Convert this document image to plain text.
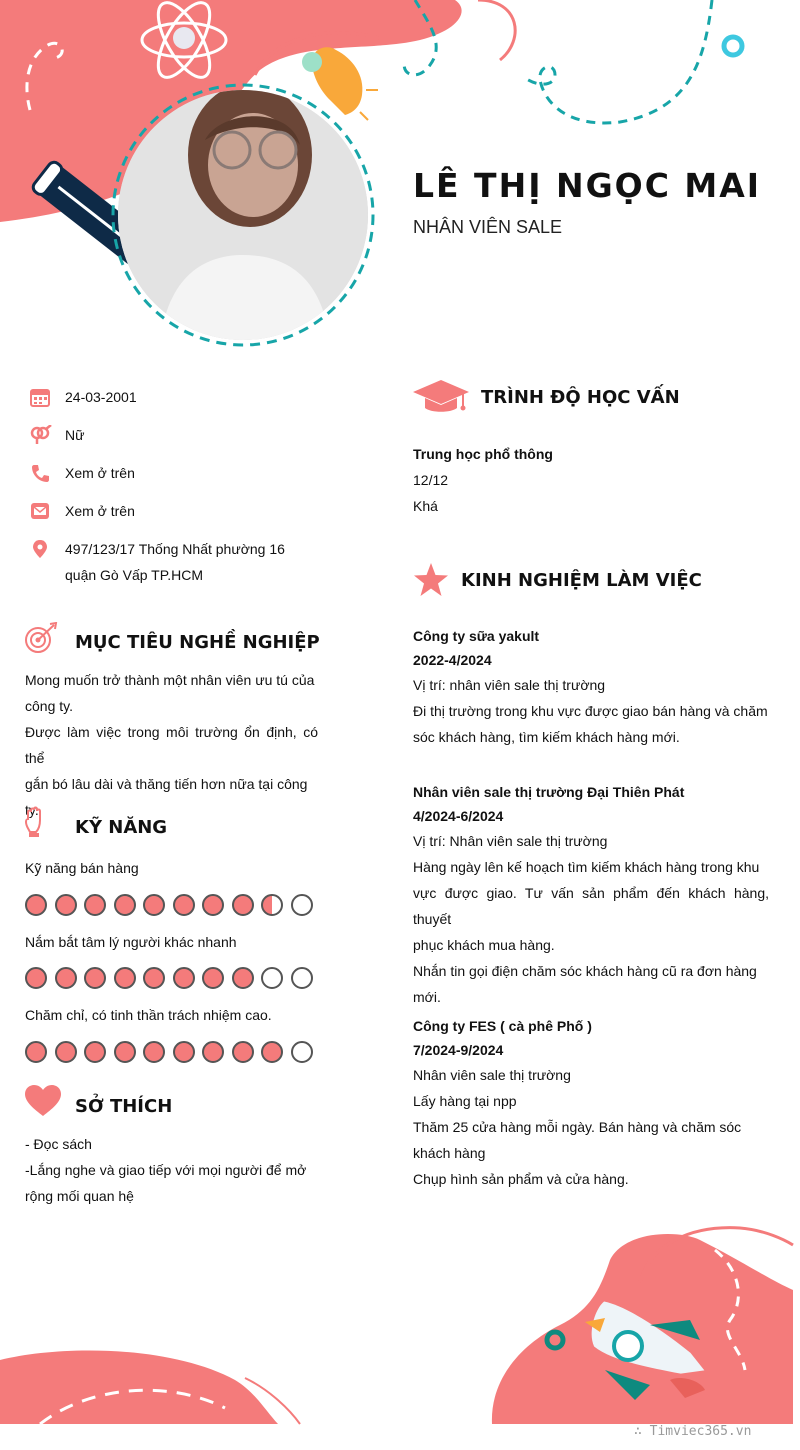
LÊ THỊ NGỌC MAI
NHÂN VIÊN SALE
24-03-2001
Nữ
Xem ở trên
Xem ở trên
497/123/17 Thống Nhất phường 16
quận Gò Vấp TP.HCM
MỤC TIÊU NGHỀ NGHIỆP
Mong muốn trở thành một nhân viên ưu tú của
công ty.
Được làm việc trong môi trường ổn định, có thể
gắn bó lâu dài và thăng tiến hơn nữa tại công
ty.
KỸ NĂNG
Kỹ năng bán hàng
Nắm bắt tâm lý người khác nhanh
Chăm chỉ, có tinh thần trách nhiệm cao.
SỞ THÍCH
- Đọc sách
-Lắng nghe và giao tiếp với mọi người để mở
rộng mối quan hệ
TRÌNH ĐỘ HỌC VẤN
Trung học phổ thông
12/12
Khá
KINH NGHIỆM LÀM VIỆC
Công ty sữa yakult
2022-4/2024
Vị trí: nhân viên sale thị trường
Đi thị trường trong khu vực được giao bán hàng và chăm
sóc khách hàng, tìm kiếm khách hàng mới.
Nhân viên sale thị trường Đại Thiên Phát
4/2024-6/2024
Vị trí: Nhân viên sale thị trường
Hàng ngày lên kế hoạch tìm kiếm khách hàng trong khu
vực được giao. Tư vấn sản phẩm đến khách hàng, thuyết
phục khách mua hàng.
Nhắn tin gọi điện chăm sóc khách hàng cũ ra đơn hàng
mới.
Công ty FES ( cà phê Phố )
7/2024-9/2024
Nhân viên sale thị trường
Lấy hàng tại npp
Thăm 25 cửa hàng mỗi ngày. Bán hàng và chăm sóc
khách hàng
Chụp hình sản phẩm và cửa hàng.
∴ Timviec365.vn
